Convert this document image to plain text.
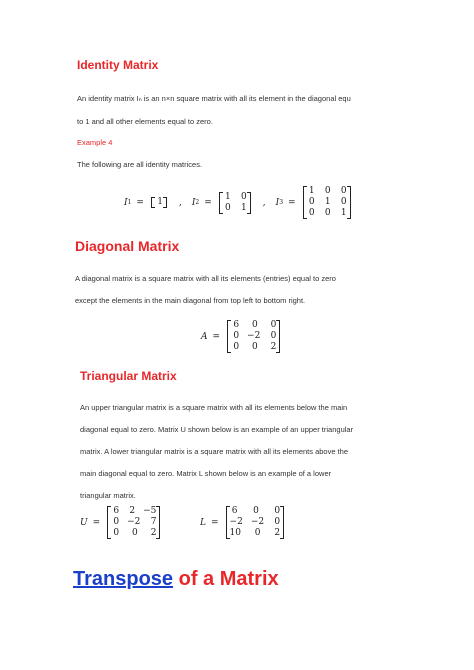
Identity Matrix
An identity matrix Iₙ is an n×n square matrix with all its element in the diagonal equ
to 1 and all other elements equal to zero.
Example 4
The following are all identity matrices.
I 1 = 1 , I 2 =
1 0
0 1 , I 3 =
1 0 0
0 1 0
0 0 1
Diagonal Matrix
A diagonal matrix is a square matrix with all its elements (entries) equal to zero
except the elements in the main diagonal from top left to bottom right.
A =
6 0 0
0 −2 0
0 0 2
Triangular Matrix
An upper triangular matrix is a square matrix with all its elements below the main
diagonal equal to zero. Matrix U shown below is an example of an upper triangular
matrix. A lower triangular matrix is a square matrix with all its elements above the
main diagonal equal to zero. Matrix L shown below is an example of a lower
triangular matrix.
U =
6 2 −5
0 −2 7
0 0 2
L =
6 0 0
−2 −2 0
10 0 2
Transpose of a Matrix
